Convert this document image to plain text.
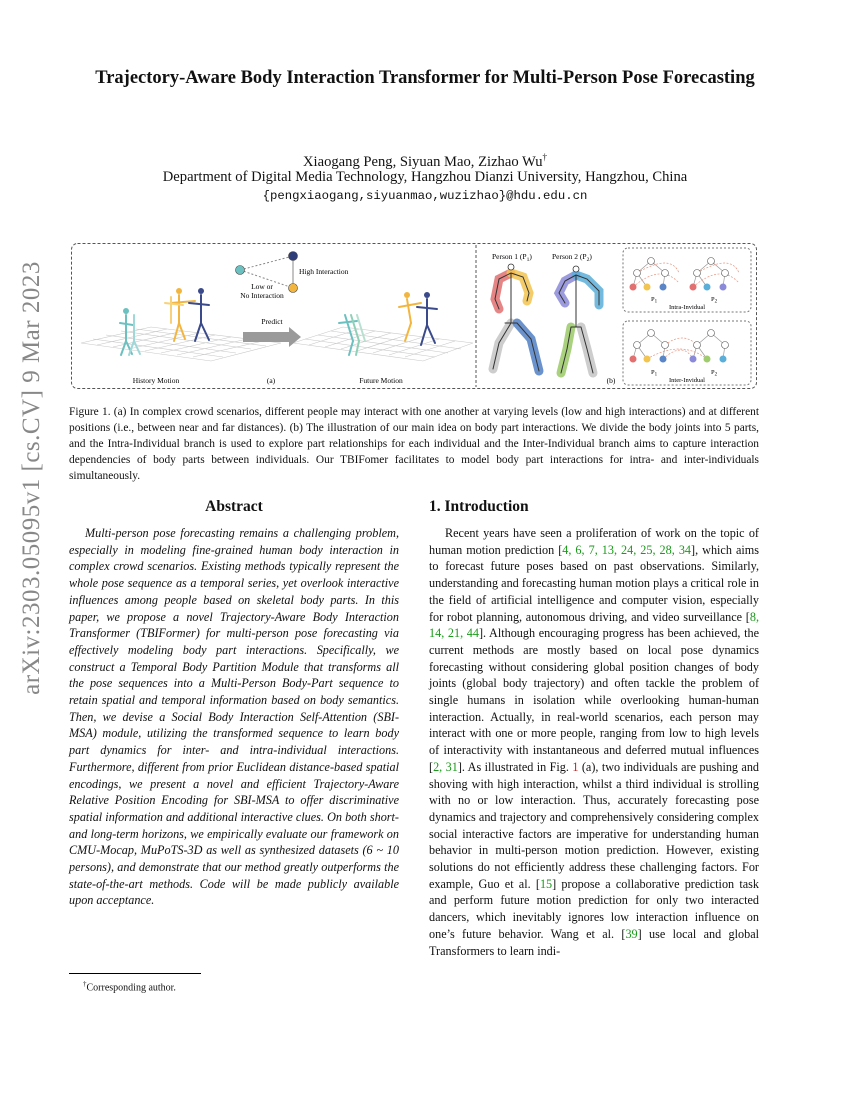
arXiv:2303.05095v1 [cs.CV] 9 Mar 2023
Trajectory-Aware Body Interaction Transformer for Multi-Person Pose Forecasting
Xiaogang Peng, Siyuan Mao, Zizhao Wu†
Department of Digital Media Technology, Hangzhou Dianzi University, Hangzhou, China
{pengxiaogang,siyuanmao,wuzizhao}@hdu.edu.cn
High Interaction
Low or
No Interaction
Predict
History Motion	(a)	Future Motion
Person 1 $(P_1)$	Person 2 $(P_2)$
(b)
$P_1$	$P_2$
Intra-Invidual
$P_1$	$P_2$
Inter-Invidual
Figure 1. (a) In complex crowd scenarios, different people may interact with one another at varying levels (low and high interactions) and at different positions (i.e., between near and far distances). (b) The illustration of our main idea on body part interactions. We divide the body joints into 5 parts, and the Intra-Individual branch is used to explore part relationships for each individual and the Inter-Individual branch aims to capture interaction dependencies of body parts between individuals. Our TBIFomer facilitates to model body part interactions for intra- and inter-individuals simultaneously.
Abstract

Multi-person pose forecasting remains a challenging problem, especially in modeling fine-grained human body interaction in complex crowd scenarios. Existing methods typically represent the whole pose sequence as a temporal series, yet overlook interactive influences among people based on skeletal body parts. In this paper, we propose a novel Trajectory-Aware Body Interaction Transformer (TBIFormer) for multi-person pose forecasting via effectively modeling body part interactions. Specifically, we construct a Temporal Body Partition Module that transforms all the pose sequences into a Multi-Person Body-Part sequence to retain spatial and temporal information based on body semantics. Then, we devise a Social Body Interaction Self-Attention (SBI-MSA) module, utilizing the transformed sequence to learn body part dynamics for inter- and intra-individual interactions. Furthermore, different from prior Euclidean distance-based spatial encodings, we present a novel and efficient Trajectory-Aware Relative Position Encoding for SBI-MSA to offer discriminative spatial information and additional interactive clues. On both short- and long-term horizons, we empirically evaluate our framework on CMU-Mocap, MuPoTS-3D as well as synthesized datasets (6 ~ 10 persons), and demonstrate that our method greatly outperforms the state-of-the-art methods. Code will be made publicly available upon acceptance.

1. Introduction

Recent years have seen a proliferation of work on the topic of human motion prediction [4, 6, 7, 13, 24, 25, 28, 34], which aims to forecast future poses based on past observations. Similarly, understanding and forecasting human motion plays a critical role in the field of artificial intelligence and computer vision, especially for robot planning, autonomous driving, and video surveillance [8, 14, 21, 44]. Although encouraging progress has been achieved, the current methods are mostly based on local pose dynamics forecasting without considering global position changes of body joints (global body trajectory) and often tackle the problem of single humans in isolation while overlooking human-human interaction. Actually, in real-world scenarios, each person may interact with one or more people, ranging from low to high levels of interactivity with instantaneous and deferred mutual influences [2, 31]. As illustrated in Fig. 1 (a), two individuals are pushing and shoving with high interaction, whilst a third individual is strolling with no or low interaction. Thus, accurately forecasting pose dynamics and trajectory and comprehensively considering complex social interactive factors are imperative for understanding human behavior in multi-person motion prediction. However, existing solutions do not efficiently address these challenging factors. For example, Guo et al. [15] propose a collaborative prediction task and perform future motion prediction for only two interacted dancers, which inevitably ignores low interaction influence on one’s future behavior. Wang et al. [39] use local and global Transformers to learn indi-

†Corresponding author.
